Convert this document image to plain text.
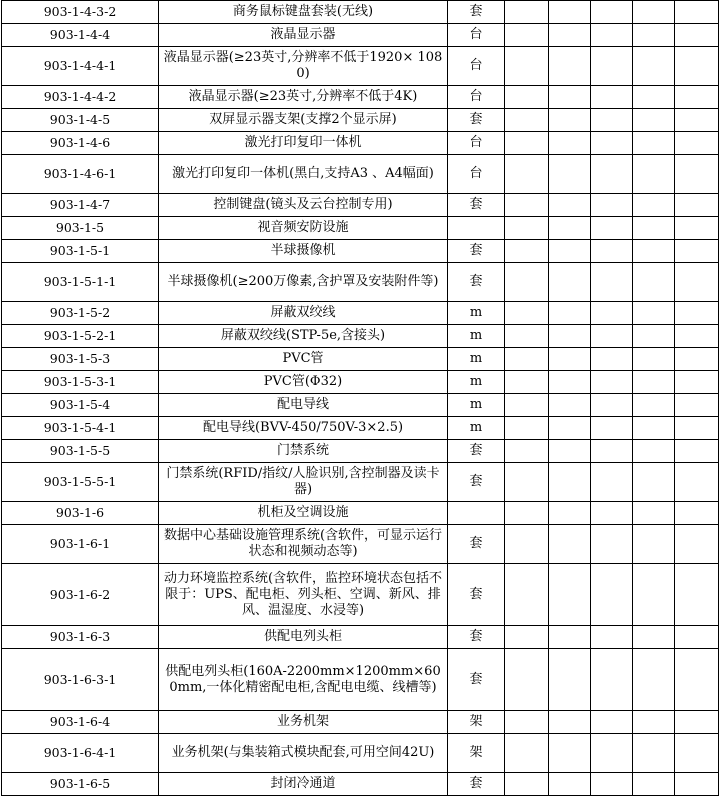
903-1-4-3-2	商务鼠标键盘套装(无线)	套					
903-1-4-4	液晶显示器	台					
903-1-4-4-1	液晶显示器(≥23英寸,分辨率不低于1920× 1080)	台					
903-1-4-4-2	液晶显示器(≥23英寸,分辨率不低于4K)	台					
903-1-4-5	双屏显示器支架(支撑2个显示屏)	套					
903-1-4-6	激光打印复印一体机	台					
903-1-4-6-1	激光打印复印一体机(黑白,支持A3 、A4幅面)	台					
903-1-4-7	控制键盘(镜头及云台控制专用)	套					
903-1-5	视音频安防设施						
903-1-5-1	半球摄像机	套					
903-1-5-1-1	半球摄像机(≥200万像素,含护罩及安装附件等)	套					
903-1-5-2	屏蔽双绞线	m					
903-1-5-2-1	屏蔽双绞线(STP-5e,含接头)	m					
903-1-5-3	PVC管	m					
903-1-5-3-1	PVC管(Φ32)	m					
903-1-5-4	配电导线	m					
903-1-5-4-1	配电导线(BVV-450/750V-3×2.5)	m					
903-1-5-5	门禁系统	套					
903-1-5-5-1	门禁系统(RFID/指纹/人脸识别,含控制器及读卡器)	套					
903-1-6	机柜及空调设施						
903-1-6-1	数据中心基础设施管理系统(含软件，可显示运行状态和视频动态等)	套					
903-1-6-2	动力环境监控系统(含软件，监控环境状态包括不限于：UPS、配电柜、列头柜、空调、新风、排风、温湿度、水浸等)	套					
903-1-6-3	供配电列头柜	套					
903-1-6-3-1	供配电列头柜(160A-2200mm×1200mm×600mm,一体化精密配电柜,含配电电缆、线槽等)	套					
903-1-6-4	业务机架	架					
903-1-6-4-1	业务机架(与集装箱式模块配套,可用空间42U)	架					
903-1-6-5	封闭冷通道	套					
